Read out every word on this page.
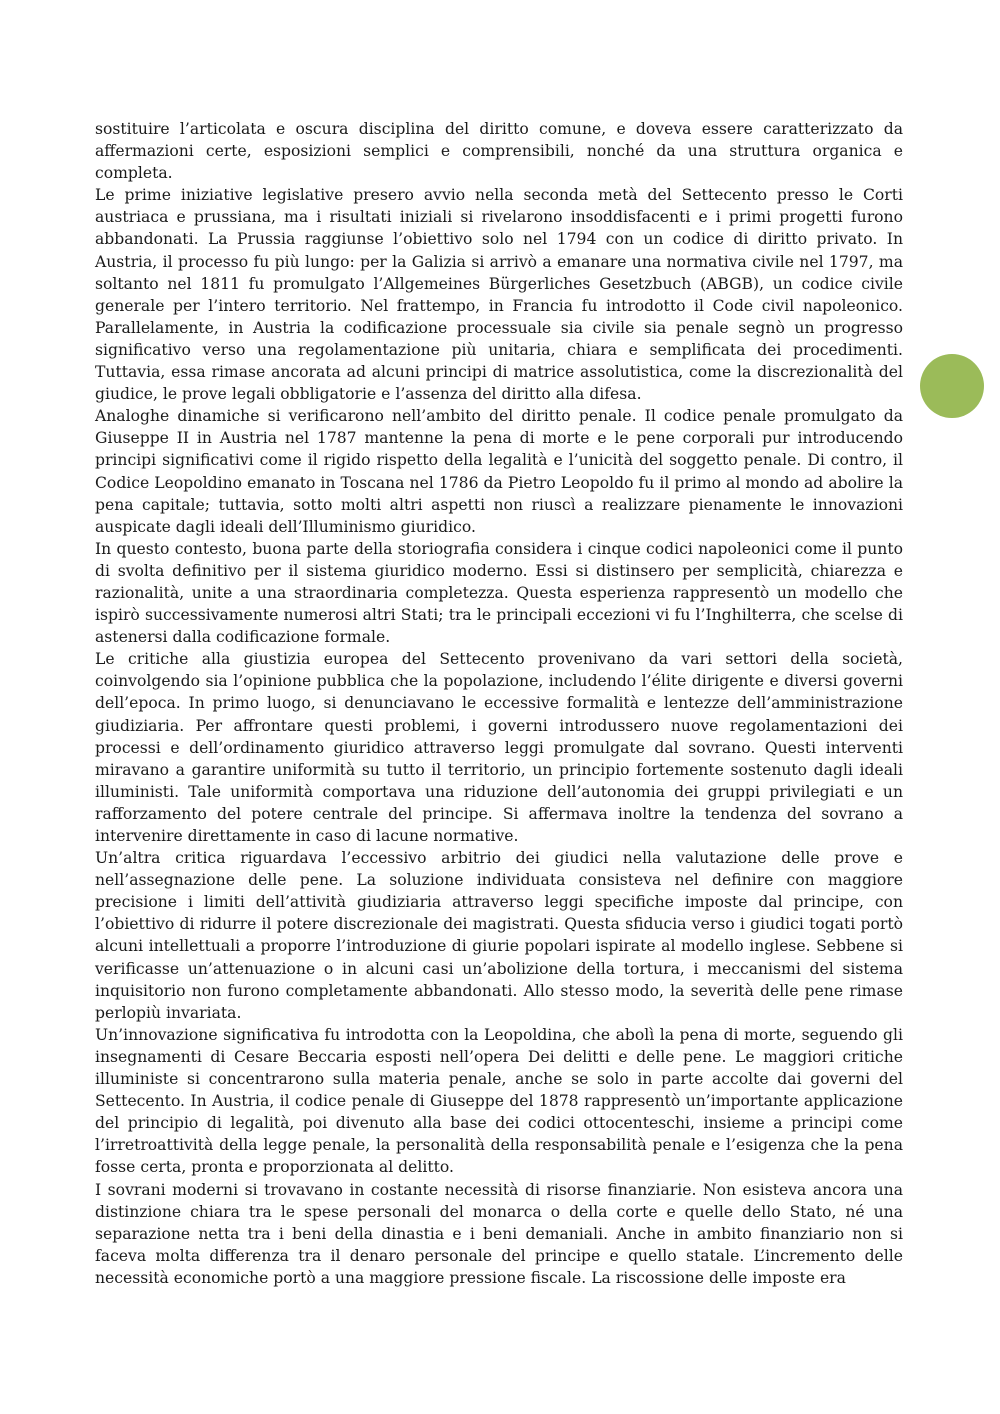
sostituire l’articolata e oscura disciplina del diritto comune, e doveva essere caratterizzato da affermazioni certe, esposizioni semplici e comprensibili, nonché da una struttura organica e completa.

Le prime iniziative legislative presero avvio nella seconda metà del Settecento presso le Corti austriaca e prussiana, ma i risultati iniziali si rivelarono insoddisfacenti e i primi progetti furono abbandonati. La Prussia raggiunse l’obiettivo solo nel 1794 con un codice di diritto privato. In Austria, il processo fu più lungo: per la Galizia si arrivò a emanare una normativa civile nel 1797, ma soltanto nel 1811 fu promulgato l’Allgemeines Bürgerliches Gesetzbuch (ABGB), un codice civile generale per l’intero territorio. Nel frattempo, in Francia fu introdotto il Code civil napoleonico. Parallelamente, in Austria la codificazione processuale sia civile sia penale segnò un progresso significativo verso una regolamentazione più unitaria, chiara e semplificata dei procedimenti. Tuttavia, essa rimase ancorata ad alcuni principi di matrice assolutistica, come la discrezionalità del giudice, le prove legali obbligatorie e l’assenza del diritto alla difesa.

Analoghe dinamiche si verificarono nell’ambito del diritto penale. Il codice penale promulgato da Giuseppe II in Austria nel 1787 mantenne la pena di morte e le pene corporali pur introducendo principi significativi come il rigido rispetto della legalità e l’unicità del soggetto penale. Di contro, il Codice Leopoldino emanato in Toscana nel 1786 da Pietro Leopoldo fu il primo al mondo ad abolire la pena capitale; tuttavia, sotto molti altri aspetti non riuscì a realizzare pienamente le innovazioni auspicate dagli ideali dell’Illuminismo giuridico.

In questo contesto, buona parte della storiografia considera i cinque codici napoleonici come il punto di svolta definitivo per il sistema giuridico moderno. Essi si distinsero per semplicità, chiarezza e razionalità, unite a una straordinaria completezza. Questa esperienza rappresentò un modello che ispirò successivamente numerosi altri Stati; tra le principali eccezioni vi fu l’Inghilterra, che scelse di astenersi dalla codificazione formale.

Le critiche alla giustizia europea del Settecento provenivano da vari settori della società, coinvolgendo sia l’opinione pubblica che la popolazione, includendo l’élite dirigente e diversi governi dell’epoca. In primo luogo, si denunciavano le eccessive formalità e lentezze dell’amministrazione giudiziaria. Per affrontare questi problemi, i governi introdussero nuove regolamentazioni dei processi e dell’ordinamento giuridico attraverso leggi promulgate dal sovrano. Questi interventi miravano a garantire uniformità su tutto il territorio, un principio fortemente sostenuto dagli ideali illuministi. Tale uniformità comportava una riduzione dell’autonomia dei gruppi privilegiati e un rafforzamento del potere centrale del principe. Si affermava inoltre la tendenza del sovrano a intervenire direttamente in caso di lacune normative.

Un’altra critica riguardava l’eccessivo arbitrio dei giudici nella valutazione delle prove e nell’assegnazione delle pene. La soluzione individuata consisteva nel definire con maggiore precisione i limiti dell’attività giudiziaria attraverso leggi specifiche imposte dal principe, con l’obiettivo di ridurre il potere discrezionale dei magistrati. Questa sfiducia verso i giudici togati portò alcuni intellettuali a proporre l’introduzione di giurie popolari ispirate al modello inglese. Sebbene si verificasse un’attenuazione o in alcuni casi un’abolizione della tortura, i meccanismi del sistema inquisitorio non furono completamente abbandonati. Allo stesso modo, la severità delle pene rimase perlopiù invariata.

Un’innovazione significativa fu introdotta con la Leopoldina, che abolì la pena di morte, seguendo gli insegnamenti di Cesare Beccaria esposti nell’opera Dei delitti e delle pene. Le maggiori critiche illuministe si concentrarono sulla materia penale, anche se solo in parte accolte dai governi del Settecento. In Austria, il codice penale di Giuseppe del 1878 rappresentò un’importante applicazione del principio di legalità, poi divenuto alla base dei codici ottocenteschi, insieme a principi come l’irretroattività della legge penale, la personalità della responsabilità penale e l’esigenza che la pena fosse certa, pronta e proporzionata al delitto.

I sovrani moderni si trovavano in costante necessità di risorse finanziarie. Non esisteva ancora una distinzione chiara tra le spese personali del monarca o della corte e quelle dello Stato, né una separazione netta tra i beni della dinastia e i beni demaniali. Anche in ambito finanziario non si faceva molta differenza tra il denaro personale del principe e quello statale. L’incremento delle necessità economiche portò a una maggiore pressione fiscale. La riscossione delle imposte era
